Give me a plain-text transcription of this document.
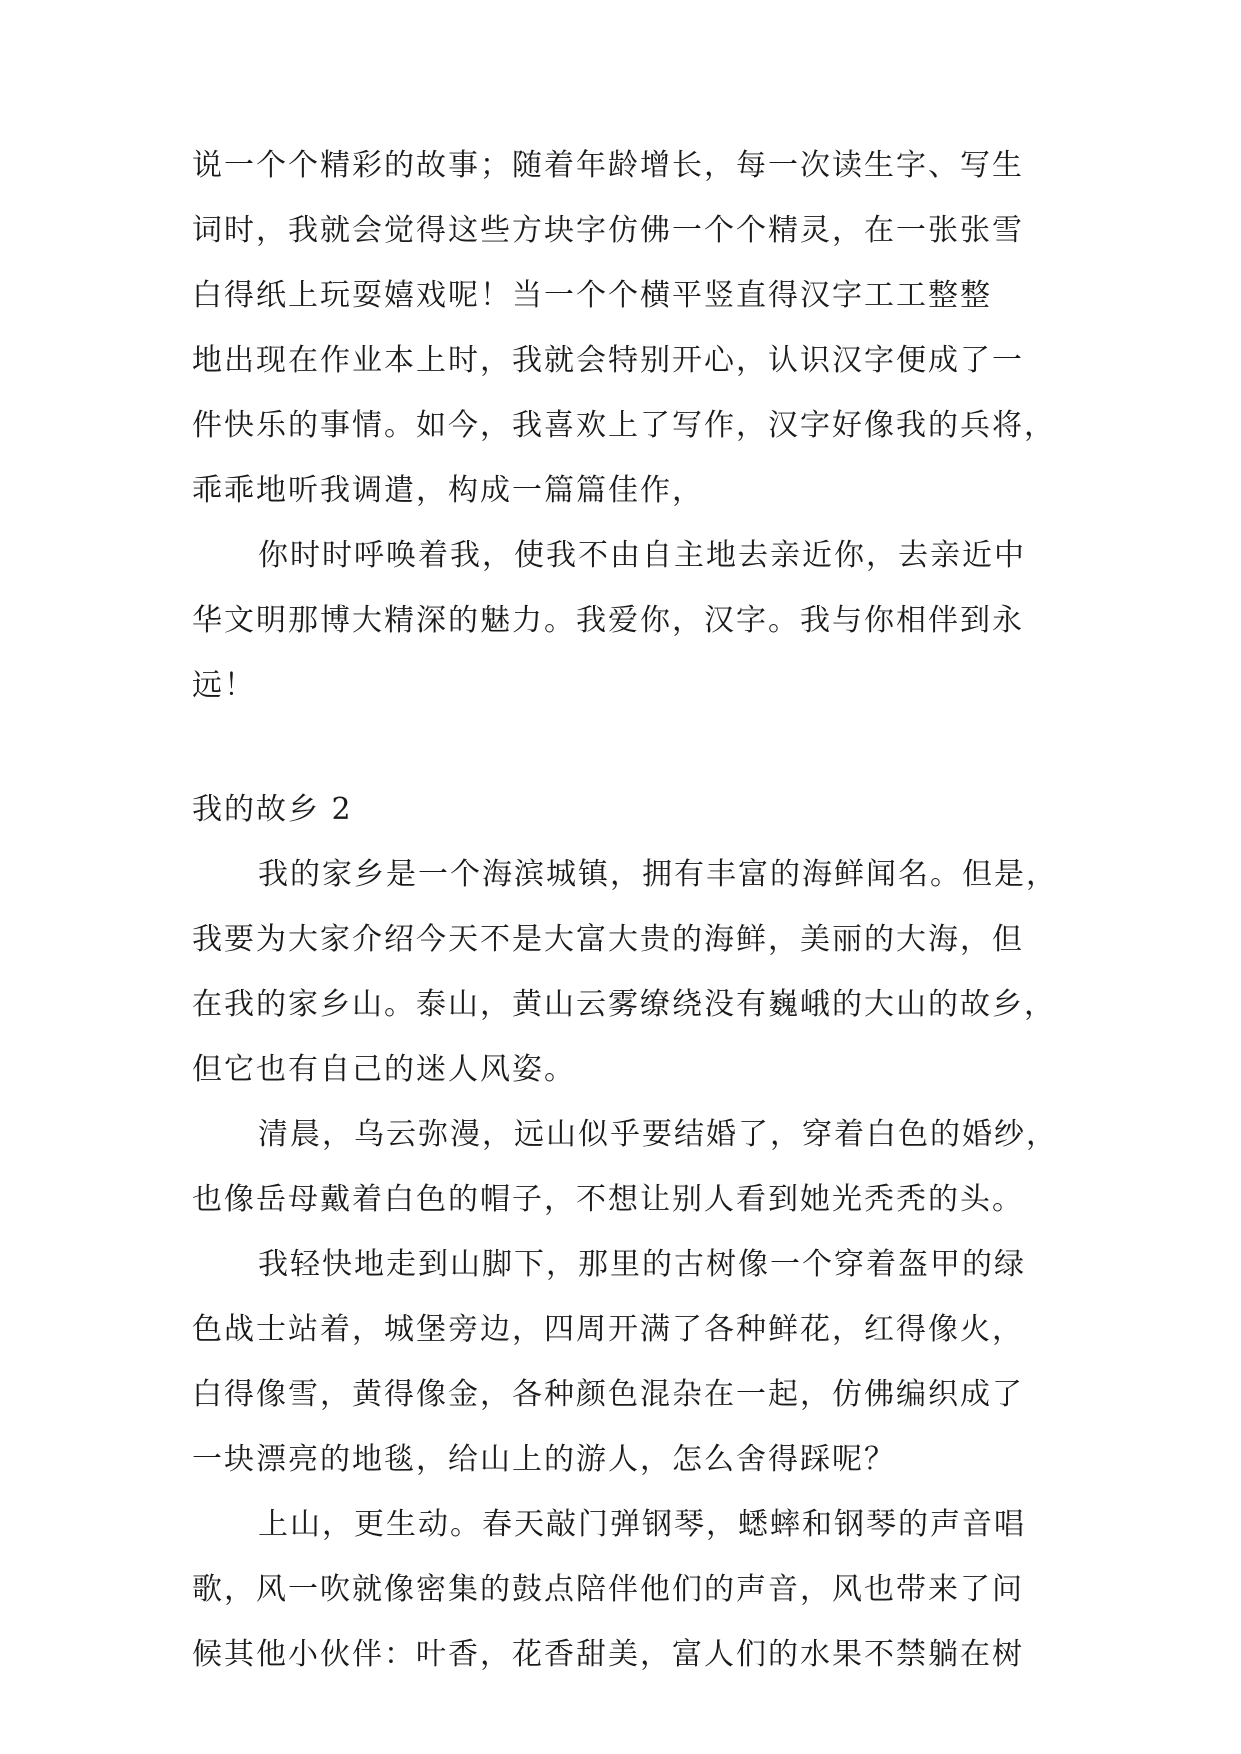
说一个个精彩的故事；随着年龄增长，每一次读生字、写生
词时，我就会觉得这些方块字仿佛一个个精灵，在一张张雪
白得纸上玩耍嬉戏呢！当一个个横平竖直得汉字工工整整
地出现在作业本上时，我就会特别开心，认识汉字便成了一
件快乐的事情。如今，我喜欢上了写作，汉字好像我的兵将，
乖乖地听我调遣，构成一篇篇佳作，
你时时呼唤着我，使我不由自主地去亲近你，去亲近中
华文明那博大精深的魅力。我爱你，汉字。我与你相伴到永
远！
我的故乡 2
我的家乡是一个海滨城镇，拥有丰富的海鲜闻名。但是，
我要为大家介绍今天不是大富大贵的海鲜，美丽的大海，但
在我的家乡山。泰山，黄山云雾缭绕没有巍峨的大山的故乡，
但它也有自己的迷人风姿。
清晨，乌云弥漫，远山似乎要结婚了，穿着白色的婚纱，
也像岳母戴着白色的帽子，不想让别人看到她光秃秃的头。
我轻快地走到山脚下，那里的古树像一个穿着盔甲的绿
色战士站着，城堡旁边，四周开满了各种鲜花，红得像火，
白得像雪，黄得像金，各种颜色混杂在一起，仿佛编织成了
一块漂亮的地毯，给山上的游人，怎么舍得踩呢？
上山，更生动。春天敲门弹钢琴，蟋蟀和钢琴的声音唱
歌，风一吹就像密集的鼓点陪伴他们的声音，风也带来了问
候其他小伙伴：叶香，花香甜美，富人们的水果不禁躺在树
